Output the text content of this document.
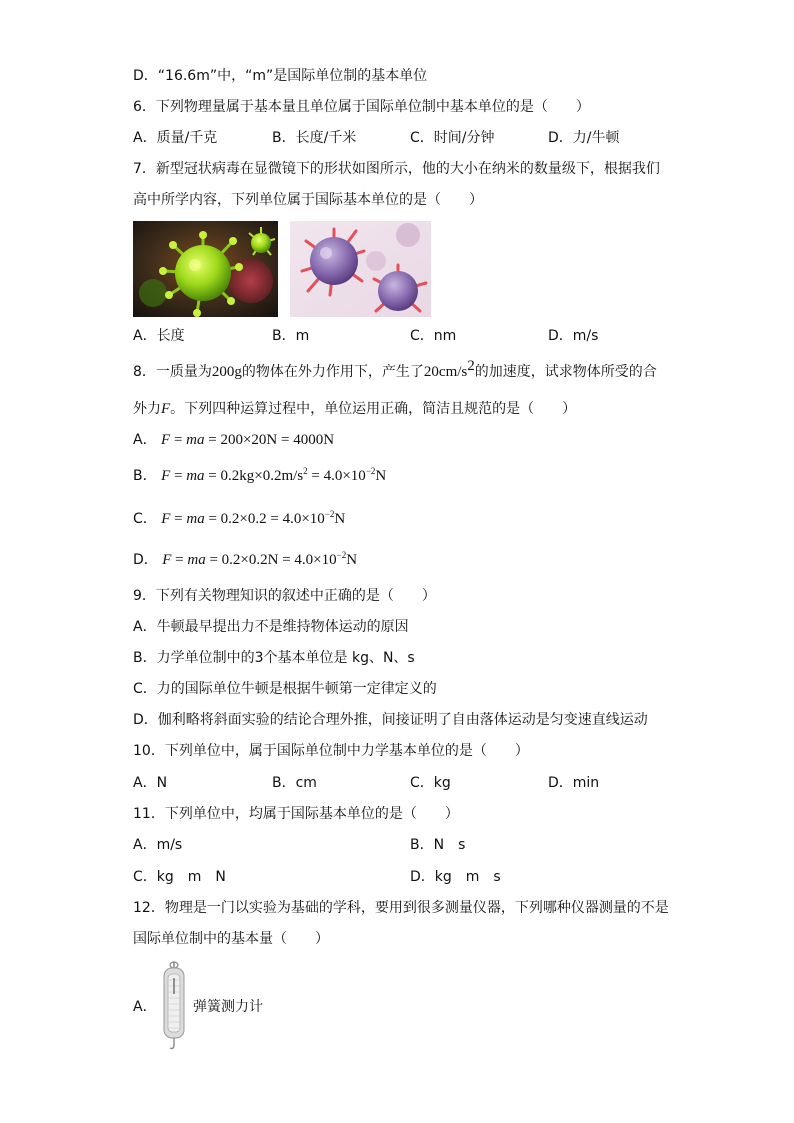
D．“16.6m”中，“m”是国际单位制的基本单位
6．下列物理量属于基本量且单位属于国际单位制中基本单位的是（　　）
A．质量/千克	B．长度/千米	C．时间/分钟	D．力/牛顿
7．新型冠状病毒在显微镜下的形状如图所示，他的大小在纳米的数量级下，根据我们
高中所学内容，下列单位属于国际基本单位的是（　　）
A．长度	B．m	C．nm	D．m/s
8．一质量为200g的物体在外力作用下，产生了$20cm/s^2$的加速度，试求物体所受的合
外力F。下列四种运算过程中，单位运用正确，简洁且规范的是（　　）
A． F = ma = 200×20N = 4000N
B． F = ma = $0.2kg\times 0.2m/s^2 = 4.0\times 10^{-2}N$
C． F = ma = $0.2\times 0.2 = 4.0\times 10^{-2}N$
D． F = ma = $0.2\times 0.2N = 4.0\times 10^{-2}N$
9．下列有关物理知识的叙述中正确的是（　　）
A．牛顿最早提出力不是维持物体运动的原因
B．力学单位制中的3个基本单位是 kg、N、s
C．力的国际单位牛顿是根据牛顿第一定律定义的
D．伽利略将斜面实验的结论合理外推，间接证明了自由落体运动是匀变速直线运动
10．下列单位中，属于国际单位制中力学基本单位的是（　　）
A．N	B．cm	C．kg	D．min
11．下列单位中，均属于国际基本单位的是（　　）
A．m/s	B．N　s
C．kg　m　N	D．kg　m　s
12．物理是一门以实验为基础的学科，要用到很多测量仪器，下列哪种仪器测量的不是
国际单位制中的基本量（　　）
A．	弹簧测力计
